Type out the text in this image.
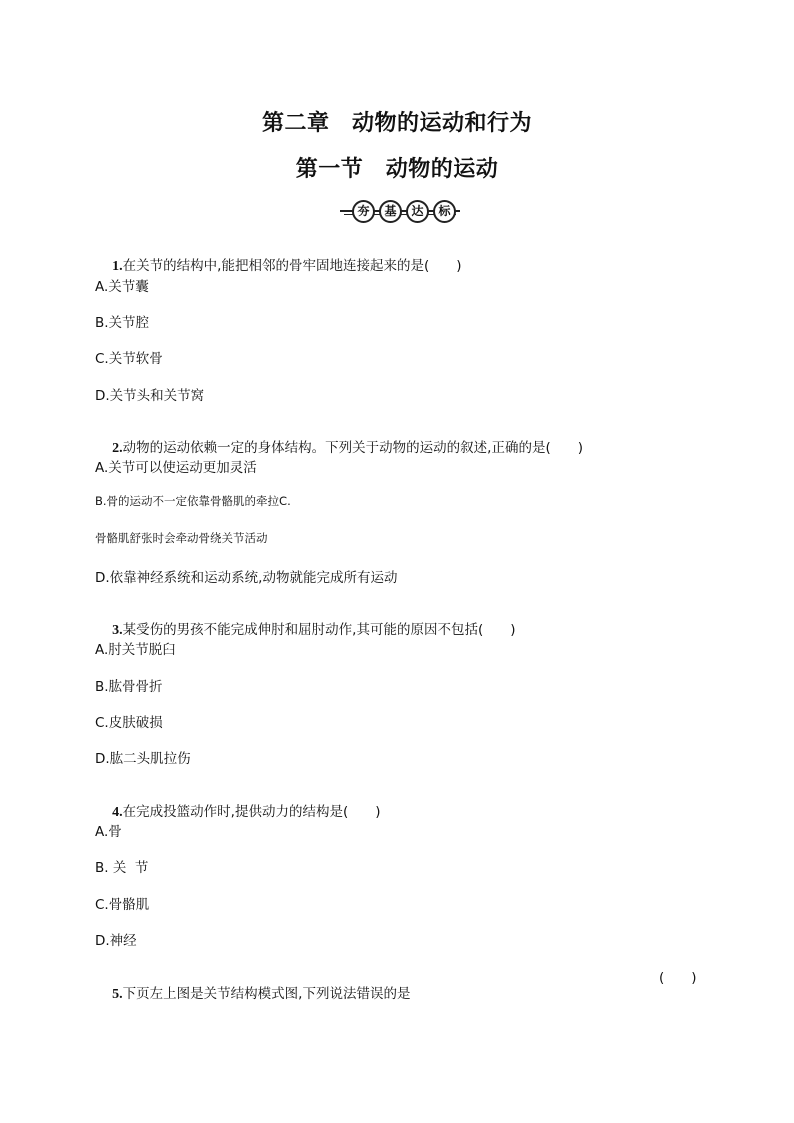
第二章　动物的运动和行为
第一节　动物的运动
夯	基	达	标

1.在关节的结构中,能把相邻的骨牢固地连接起来的是(　　)

A.关节囊
B.关节腔
C.关节软骨
D.关节头和关节窝

2.动物的运动依赖一定的身体结构。下列关于动物的运动的叙述,正确的是(　　)

A.关节可以使运动更加灵活
B.骨的运动不一定依靠骨骼肌的牵拉C.
骨骼肌舒张时会牵动骨绕关节活动
D.依靠神经系统和运动系统,动物就能完成所有运动

3.某受伤的男孩不能完成伸肘和屈肘动作,其可能的原因不包括(　　)

A.肘关节脱臼
B.肱骨骨折
C.皮肤破损
D.肱二头肌拉伤

4.在完成投篮动作时,提供动力的结构是(　　)

A.骨
B. 关  节
C.骨骼肌
D.神经

5.下页左上图是关节结构模式图,下列说法错误的是

(　　)
